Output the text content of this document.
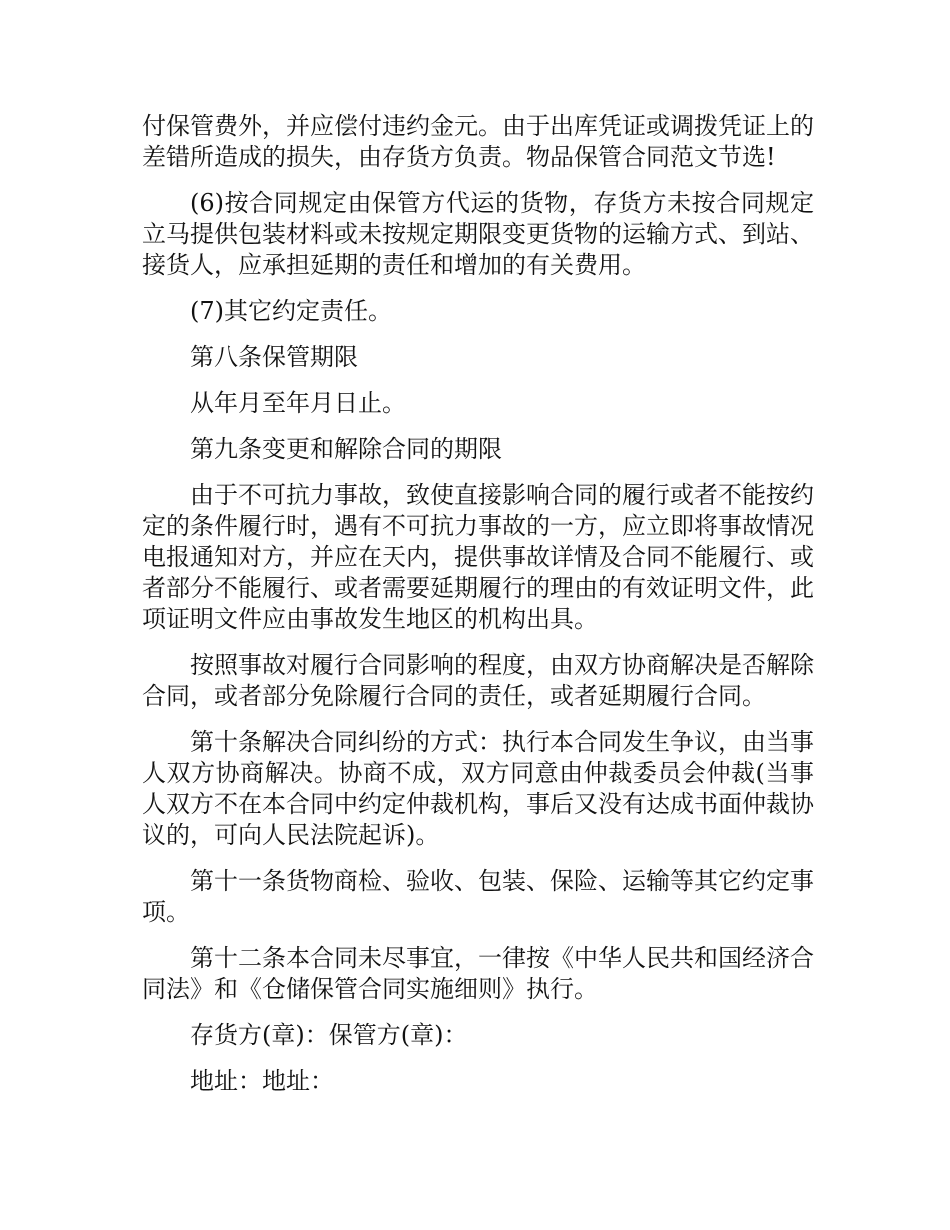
付保管费外，并应偿付违约金元。由于出库凭证或调拨凭证上的差错所造成的损失，由存货方负责。物品保管合同范文节选!

(6)按合同规定由保管方代运的货物，存货方未按合同规定立马提供包装材料或未按规定期限变更货物的运输方式、到站、接货人，应承担延期的责任和增加的有关费用。

(7)其它约定责任。

第八条保管期限

从年月至年月日止。

第九条变更和解除合同的期限

由于不可抗力事故，致使直接影响合同的履行或者不能按约定的条件履行时，遇有不可抗力事故的一方，应立即将事故情况电报通知对方，并应在天内，提供事故详情及合同不能履行、或者部分不能履行、或者需要延期履行的理由的有效证明文件，此项证明文件应由事故发生地区的机构出具。

按照事故对履行合同影响的程度，由双方协商解决是否解除合同，或者部分免除履行合同的责任，或者延期履行合同。

第十条解决合同纠纷的方式：执行本合同发生争议，由当事人双方协商解决。协商不成，双方同意由仲裁委员会仲裁(当事人双方不在本合同中约定仲裁机构，事后又没有达成书面仲裁协议的，可向人民法院起诉)。

第十一条货物商检、验收、包装、保险、运输等其它约定事项。

第十二条本合同未尽事宜，一律按《中华人民共和国经济合同法》和《仓储保管合同实施细则》执行。

存货方(章)：保管方(章)：

地址：地址：
